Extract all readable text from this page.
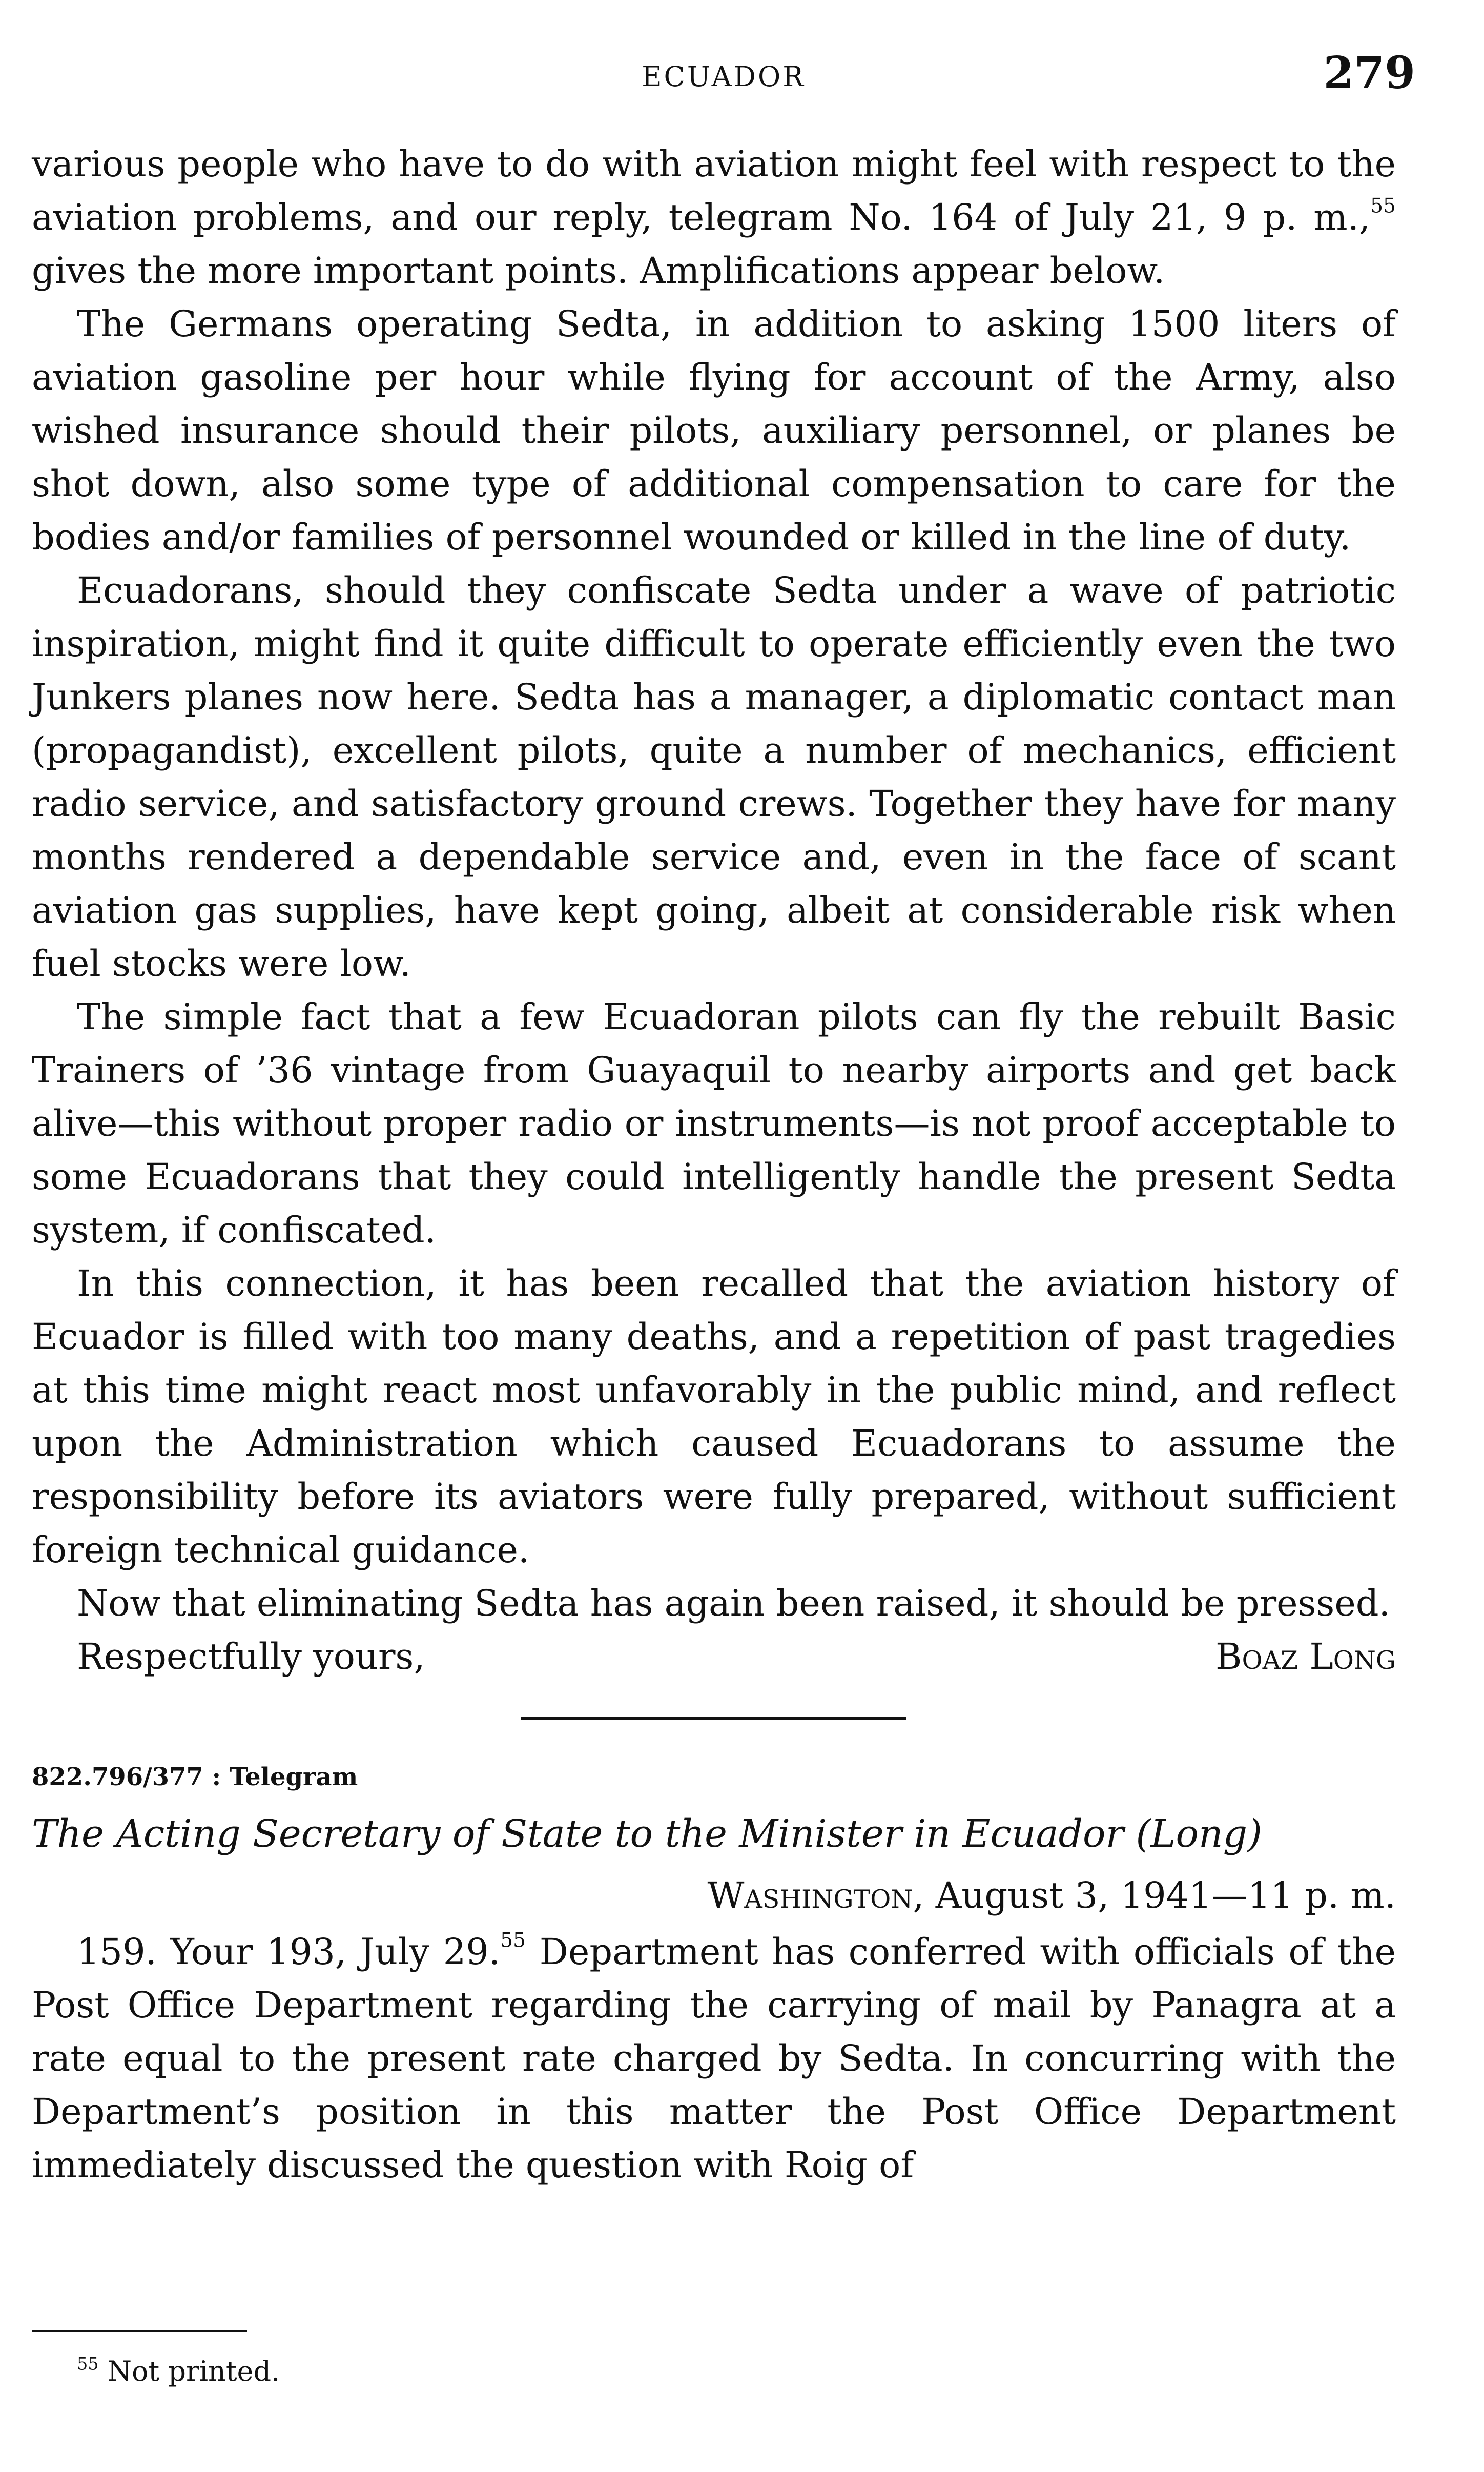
ECUADOR	279

various people who have to do with aviation might feel with respect to the aviation problems, and our reply, telegram No. 164 of July 21, 9 p. m.,$^{55}$ gives the more important points. Amplifications appear below.

The Germans operating Sedta, in addition to asking 1500 liters of aviation gasoline per hour while flying for account of the Army, also wished insurance should their pilots, auxiliary personnel, or planes be shot down, also some type of additional compensation to care for the bodies and/or families of personnel wounded or killed in the line of duty.

Ecuadorans, should they confiscate Sedta under a wave of patriotic inspiration, might find it quite difficult to operate efficiently even the two Junkers planes now here. Sedta has a manager, a diplomatic contact man (propagandist), excellent pilots, quite a number of mechanics, efficient radio service, and satisfactory ground crews. Together they have for many months rendered a dependable service and, even in the face of scant aviation gas supplies, have kept going, albeit at considerable risk when fuel stocks were low.

The simple fact that a few Ecuadoran pilots can fly the rebuilt Basic Trainers of ’36 vintage from Guayaquil to nearby airports and get back alive—this without proper radio or instruments—is not proof acceptable to some Ecuadorans that they could intelligently handle the present Sedta system, if confiscated.

In this connection, it has been recalled that the aviation history of Ecuador is filled with too many deaths, and a repetition of past tragedies at this time might react most unfavorably in the public mind, and reflect upon the Administration which caused Ecuadorans to assume the responsibility before its aviators were fully prepared, without sufficient foreign technical guidance.

Now that eliminating Sedta has again been raised, it should be pressed.

Respectfully yours,	Boaz Long
822.796/377 : Telegram
The Acting Secretary of State to the Minister in Ecuador (Long)
Washington, August 3, 1941—11 p. m.

159. Your 193, July 29.55 Department has conferred with officials of the Post Office Department regarding the carrying of mail by Panagra at a rate equal to the present rate charged by Sedta. In concurring with the Department’s position in this matter the Post Office Department immediately discussed the question with Roig of

$^{55}$ Not printed.
